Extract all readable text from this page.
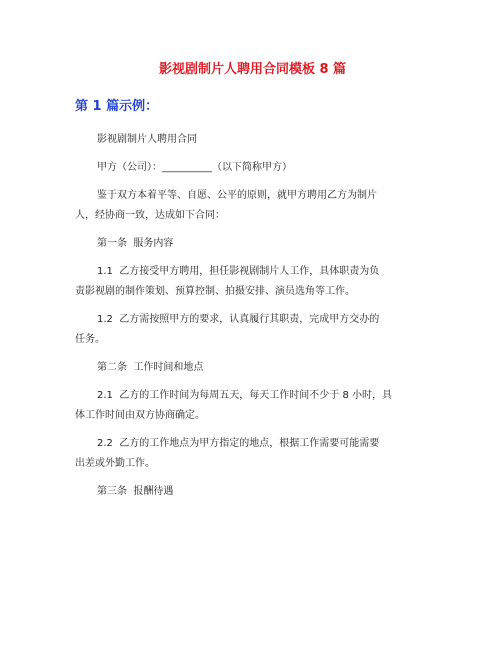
影视剧制片人聘用合同模板 8 篇
第 1 篇示例：

影视剧制片人聘用合同

甲方（公司）：__________（以下简称甲方）

鉴于双方本着平等、自愿、公平的原则，就甲方聘用乙方为制片
人，经协商一致，达成如下合同：

第一条  服务内容

1.1  乙方接受甲方聘用，担任影视剧制片人工作，具体职责为负
责影视剧的制作策划、预算控制、拍摄安排、演员选角等工作。

1.2  乙方需按照甲方的要求，认真履行其职责，完成甲方交办的
任务。

第二条  工作时间和地点

2.1  乙方的工作时间为每周五天，每天工作时间不少于 8 小时，具
体工作时间由双方协商确定。

2.2  乙方的工作地点为甲方指定的地点，根据工作需要可能需要
出差或外勤工作。

第三条  报酬待遇
